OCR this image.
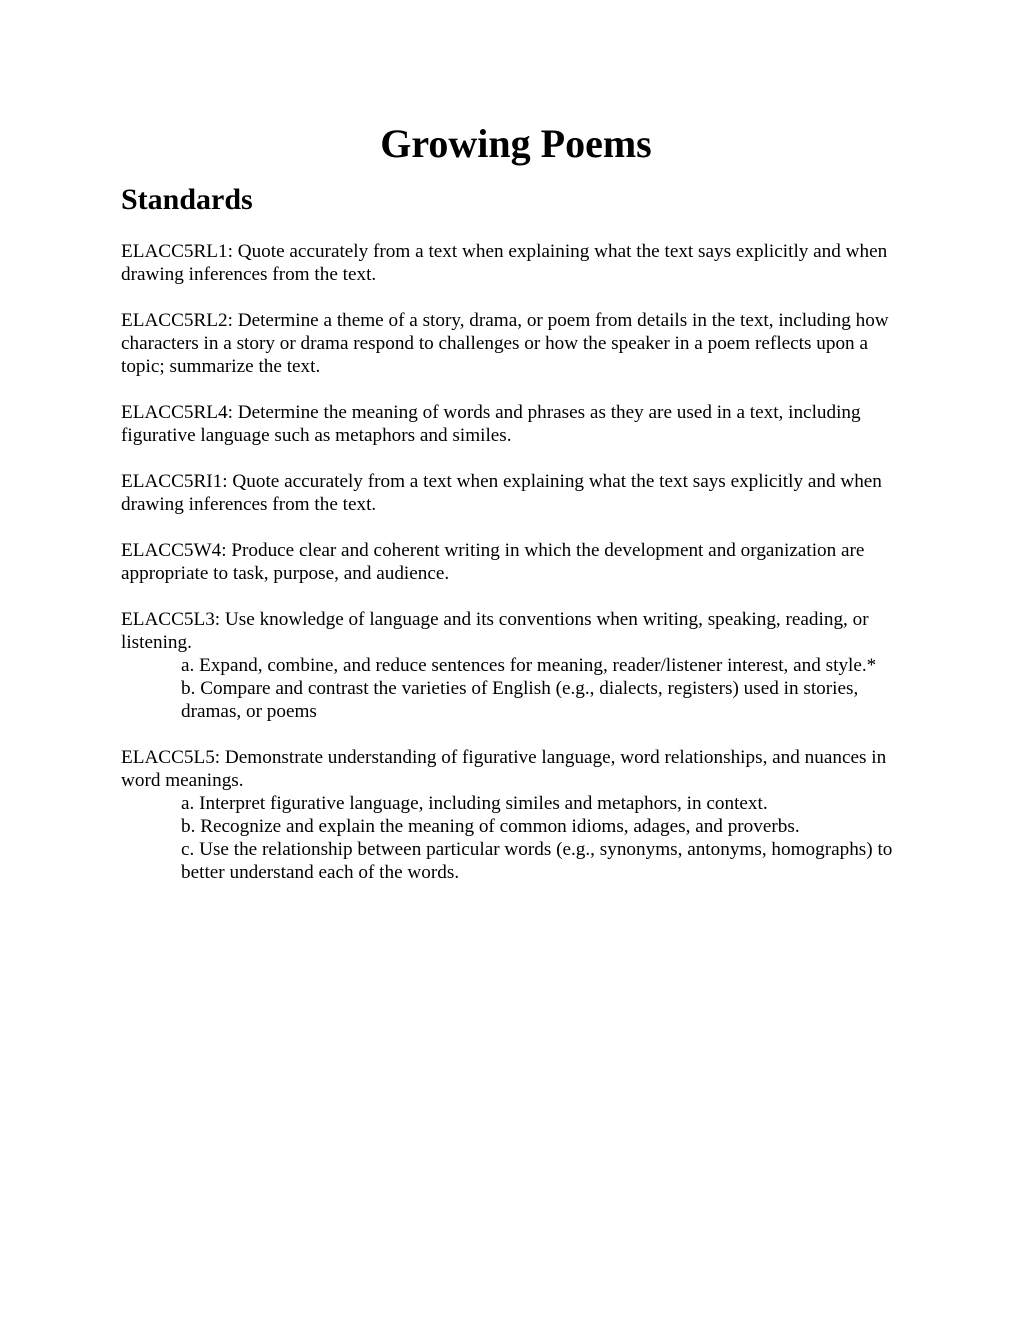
Growing Poems
Standards

ELACC5RL1: Quote accurately from a text when explaining what the text says explicitly and when drawing inferences from the text.

ELACC5RL2: Determine a theme of a story, drama, or poem from details in the text, including how characters in a story or drama respond to challenges or how the speaker in a poem reflects upon a topic; summarize the text.

ELACC5RL4: Determine the meaning of words and phrases as they are used in a text, including figurative language such as metaphors and similes.

ELACC5RI1: Quote accurately from a text when explaining what the text says explicitly and when drawing inferences from the text.

ELACC5W4: Produce clear and coherent writing in which the development and organization are appropriate to task, purpose, and audience.

ELACC5L3: Use knowledge of language and its conventions when writing, speaking, reading, or listening.

a. Expand, combine, and reduce sentences for meaning, reader/listener interest, and style.*
b. Compare and contrast the varieties of English (e.g., dialects, registers) used in stories, dramas, or poems

ELACC5L5: Demonstrate understanding of figurative language, word relationships, and nuances in word meanings.

a. Interpret figurative language, including similes and metaphors, in context.
b. Recognize and explain the meaning of common idioms, adages, and proverbs.
c. Use the relationship between particular words (e.g., synonyms, antonyms, homographs) to better understand each of the words.
